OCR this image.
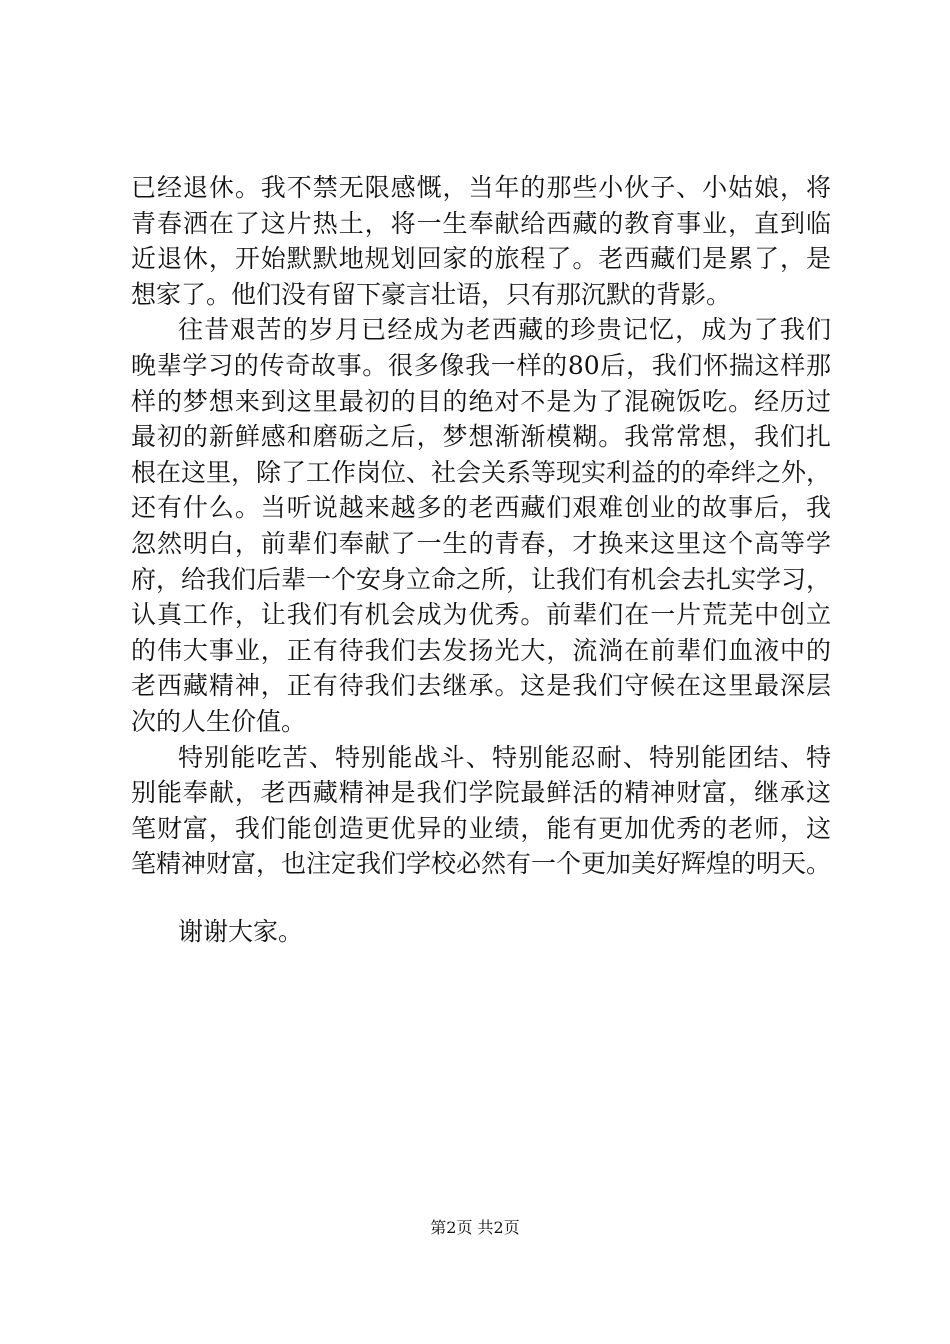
已经退休。我不禁无限感慨，当年的那些小伙子、小姑娘，将
青春洒在了这片热土，将一生奉献给西藏的教育事业，直到临
近退休，开始默默地规划回家的旅程了。老西藏们是累了，是
想家了。他们没有留下豪言壮语，只有那沉默的背影。
往昔艰苦的岁月已经成为老西藏的珍贵记忆，成为了我们
晚辈学习的传奇故事。很多像我一样的80后，我们怀揣这样那
样的梦想来到这里最初的目的绝对不是为了混碗饭吃。经历过
最初的新鲜感和磨砺之后，梦想渐渐模糊。我常常想，我们扎
根在这里，除了工作岗位、社会关系等现实利益的的牵绊之外，
还有什么。当听说越来越多的老西藏们艰难创业的故事后，我
忽然明白，前辈们奉献了一生的青春，才换来这里这个高等学
府，给我们后辈一个安身立命之所，让我们有机会去扎实学习，
认真工作，让我们有机会成为优秀。前辈们在一片荒芜中创立
的伟大事业，正有待我们去发扬光大，流淌在前辈们血液中的
老西藏精神，正有待我们去继承。这是我们守候在这里最深层
次的人生价值。
特别能吃苦、特别能战斗、特别能忍耐、特别能团结、特
别能奉献，老西藏精神是我们学院最鲜活的精神财富，继承这
笔财富，我们能创造更优异的业绩，能有更加优秀的老师，这
笔精神财富，也注定我们学校必然有一个更加美好辉煌的明天。
谢谢大家。
第2页 共2页
